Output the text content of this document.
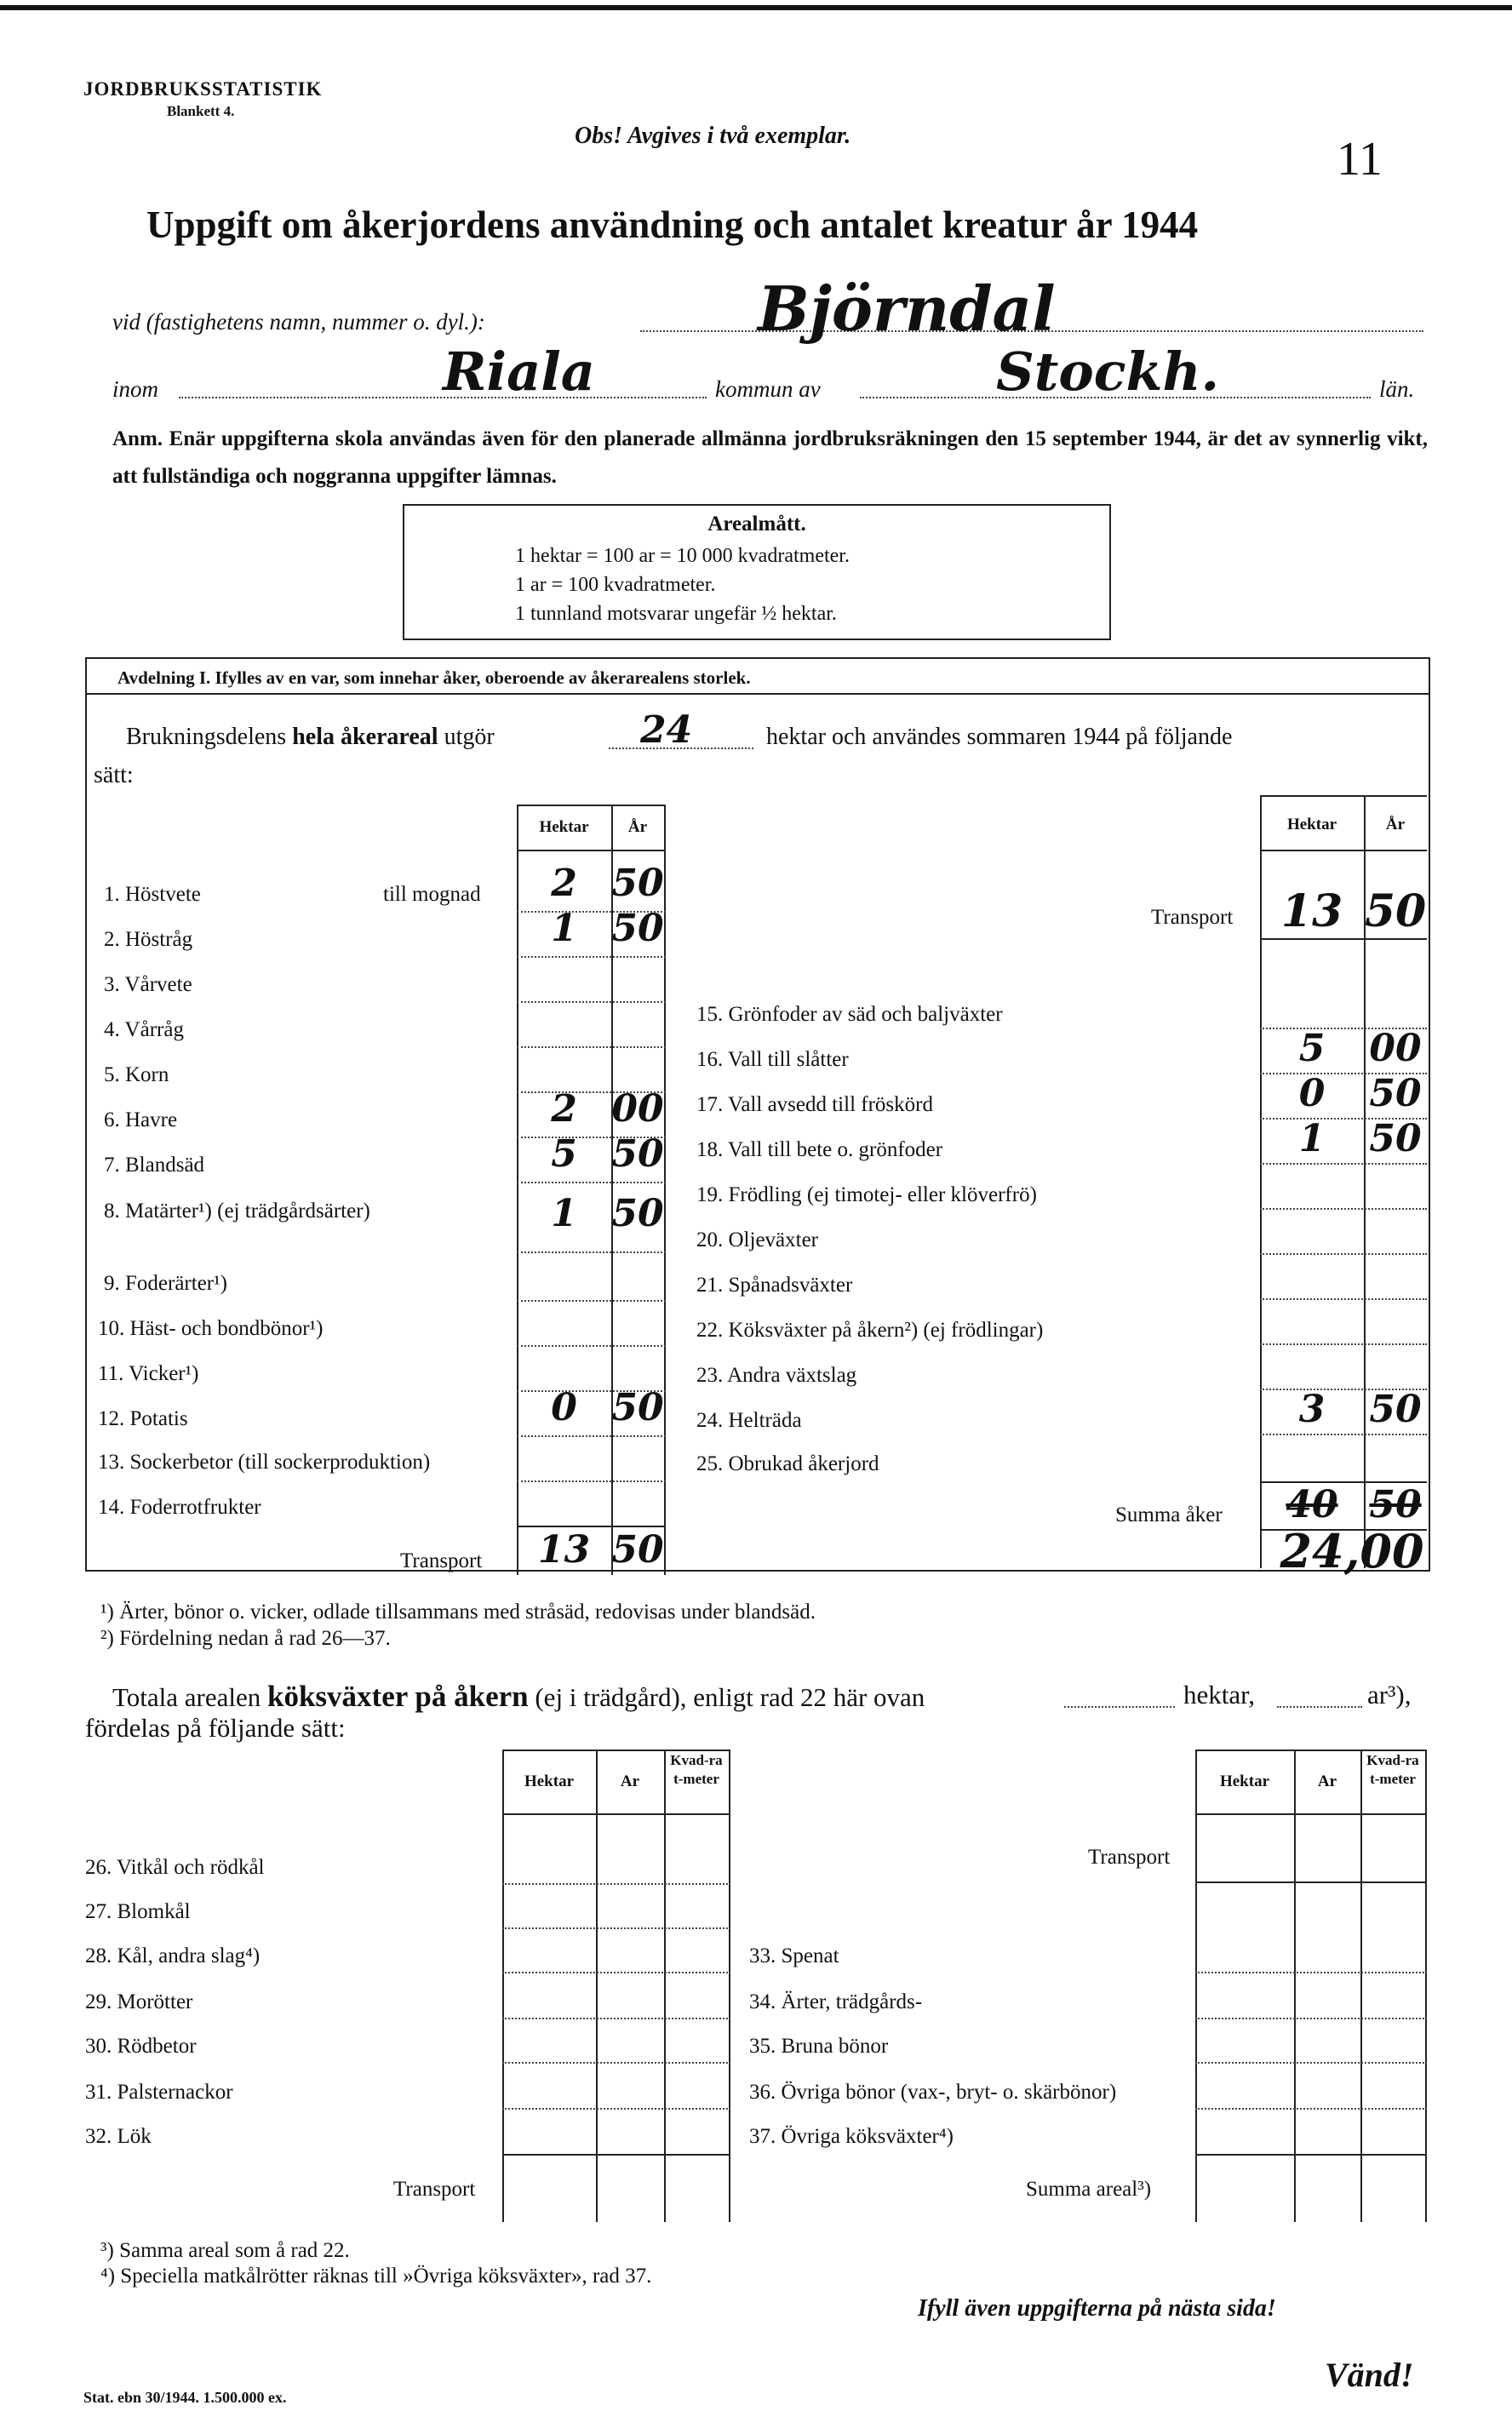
JORDBRUKSSTATISTIK
Blankett 4.
Obs! Avgives i två exemplar.	11
Uppgift om åkerjordens användning och antalet kreatur år 1944
vid (fastighetens namn, nummer o. dyl.):	Björndal
inom	Riala	kommun av	Stockh.	län.
Anm. Enär uppgifterna skola användas även för den planerade allmänna jordbruksräkningen den 15 september 1944, är det av synnerlig vikt, att fullständiga och noggranna uppgifter lämnas.
Arealmått.
1 hektar = 100 ar = 10 000 kvadratmeter.
1 ar = 100 kvadratmeter.
1 tunnland motsvarar ungefär ½ hektar.
Avdelning I. Ifylles av en var, som innehar åker, oberoende av åkerarealens storlek.
Brukningsdelens hela åkerareal utgör	24	hektar och användes sommaren 1944 på följande
sätt:
Hektar	År	Hektar	År
1. Höstvete	till mognad	2 50
2. Höstråg	1 50
3. Vårvete
4. Vårråg
5. Korn
6. Havre	2 00
7. Blandsäd	5 50
8. Matärter¹) (ej trädgårdsärter)	1 50
9. Foderärter¹)
10. Häst- och bondbönor¹)
11. Vicker¹)
12. Potatis	0 50
13. Sockerbetor (till sockerproduktion)
14. Foderrotfrukter
Transport	13 50
Transport	13 50
15. Grönfoder av säd och baljväxter
16. Vall till slåtter	5	00
17. Vall avsedd till fröskörd	0	50
18. Vall till bete o. grönfoder	1	50
19. Frödling (ej timotej- eller klöverfrö)
20. Oljeväxter
21. Spånadsväxter
22. Köksväxter på åkern²) (ej frödlingar)
23. Andra växtslag
24. Helträda	3	50
25. Obrukad åkerjord
Summa åker	40 50
24,00
¹) Ärter, bönor o. vicker, odlade tillsammans med stråsäd, redovisas under blandsäd.
²) Fördelning nedan å rad 26—37.
Totala arealen köksväxter på åkern (ej i trädgård), enligt rad 22 här ovan	hektar,	ar³),
fördelas på följande sätt:
Hektar	Ar
Kvad-rat-meter	Hektar	Ar
Kvad-rat-meter
26. Vitkål och rödkål
27. Blomkål
28. Kål, andra slag⁴)
29. Morötter
30. Rödbetor
31. Palsternackor
32. Lök
Transport
Transport
33. Spenat
34. Ärter, trädgårds-
35. Bruna bönor
36. Övriga bönor (vax-, bryt- o. skärbönor)
37. Övriga köksväxter⁴)
Summa areal³)
³) Samma areal som å rad 22.
⁴) Speciella matkålrötter räknas till »Övriga köksväxter», rad 37.
Ifyll även uppgifterna på nästa sida!
Stat. ebn 30/1944. 1.500.000 ex.
Vänd!
